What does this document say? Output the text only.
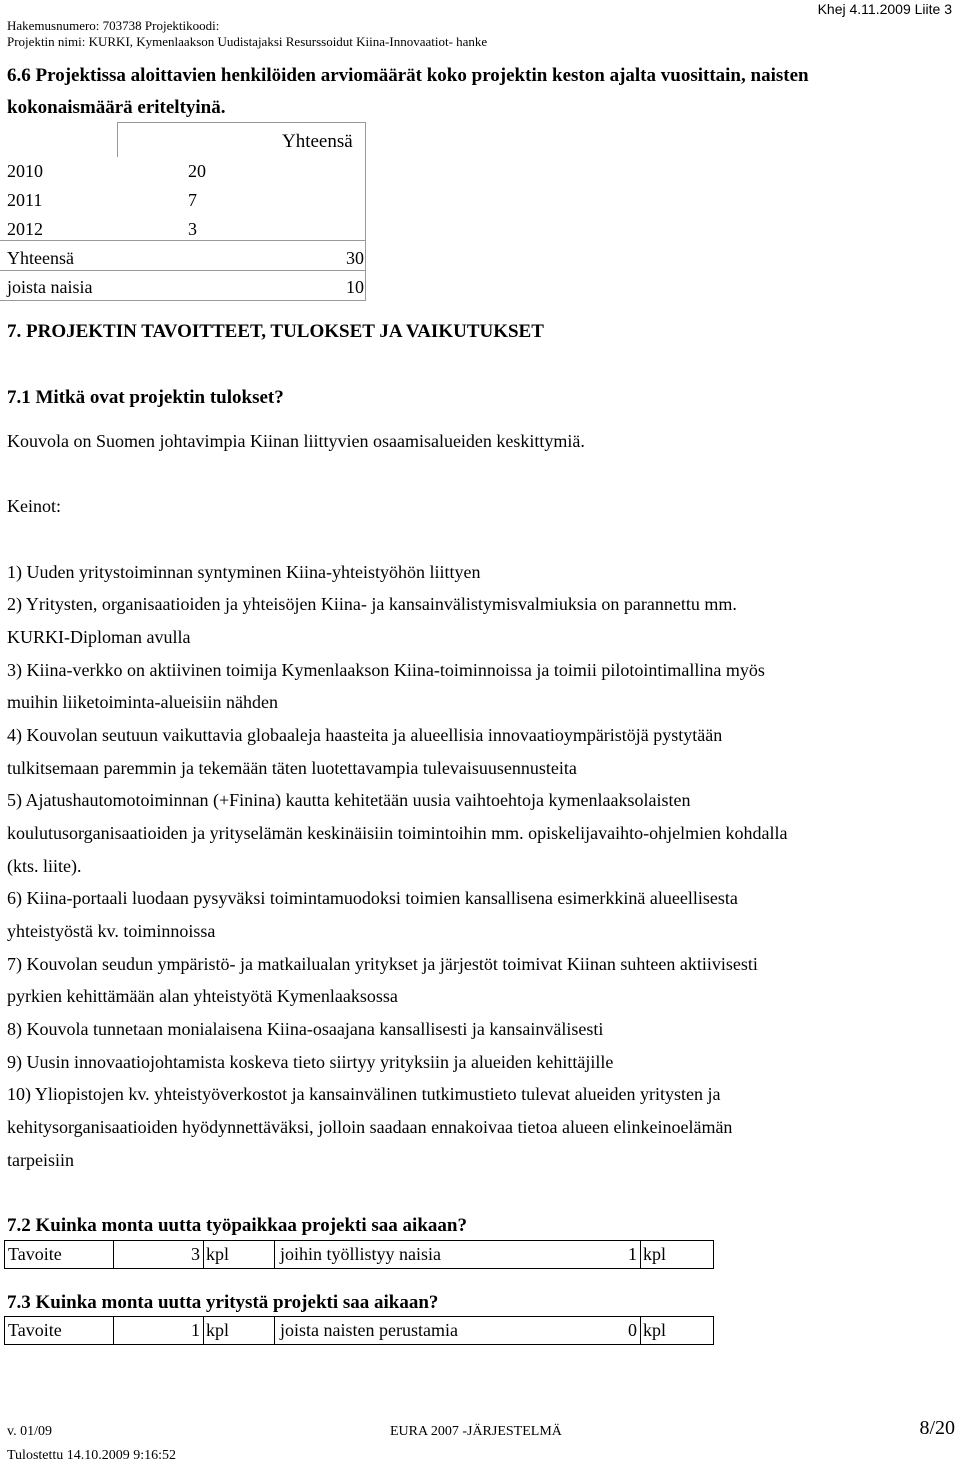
Hakemusnumero: 703738 Projektikoodi:
Projektin nimi: KURKI, Kymenlaakson Uudistajaksi Resurssoidut Kiina-Innovaatiot- hanke
Khej 4.11.2009 Liite 3
6.6 Projektissa aloittavien henkilöiden arviomäärät koko projektin keston ajalta vuosittain, naisten
kokonaismäärä eriteltyinä.
Yhteensä
2010	20
2011	7
2012	3
Yhteensä	30
joista naisia	10
7. PROJEKTIN TAVOITTEET, TULOKSET JA VAIKUTUKSET
7.1 Mitkä ovat projektin tulokset?
Kouvola on Suomen johtavimpia Kiinan liittyvien osaamisalueiden keskittymiä.
Keinot:
1) Uuden yritystoiminnan syntyminen Kiina-yhteistyöhön liittyen
2) Yritysten, organisaatioiden ja yhteisöjen Kiina- ja kansainvälistymisvalmiuksia on parannettu mm.
KURKI-Diploman avulla
3) Kiina-verkko on aktiivinen toimija Kymenlaakson Kiina-toiminnoissa ja toimii pilotointimallina myös
muihin liiketoiminta-alueisiin nähden
4) Kouvolan seutuun vaikuttavia globaaleja haasteita ja alueellisia innovaatioympäristöjä pystytään
tulkitsemaan paremmin ja tekemään täten luotettavampia tulevaisuusennusteita
5) Ajatushautomotoiminnan (+Finina) kautta kehitetään uusia vaihtoehtoja kymenlaaksolaisten
koulutusorganisaatioiden ja yrityselämän keskinäisiin toimintoihin mm. opiskelijavaihto-ohjelmien kohdalla
(kts. liite).
6) Kiina-portaali luodaan pysyväksi toimintamuodoksi toimien kansallisena esimerkkinä alueellisesta
yhteistyöstä kv. toiminnoissa
7) Kouvolan seudun ympäristö- ja matkailualan yritykset ja järjestöt toimivat Kiinan suhteen aktiivisesti
pyrkien kehittämään alan yhteistyötä Kymenlaaksossa
8) Kouvola tunnetaan monialaisena Kiina-osaajana kansallisesti ja kansainvälisesti
9) Uusin innovaatiojohtamista koskeva tieto siirtyy yrityksiin ja alueiden kehittäjille
10) Yliopistojen kv. yhteistyöverkostot ja kansainvälinen tutkimustieto tulevat alueiden yritysten ja
kehitysorganisaatioiden hyödynnettäväksi, jolloin saadaan ennakoivaa tietoa alueen elinkeinoelämän
tarpeisiin
7.2 Kuinka monta uutta työpaikkaa projekti saa aikaan?
Tavoite	3 kpl	joihin työllistyy naisia	1 kpl
7.3 Kuinka monta uutta yritystä projekti saa aikaan?
Tavoite	1 kpl	joista naisten perustamia	0 kpl
v. 01/09	EURA 2007 -JÄRJESTELMÄ	8/20
Tulostettu 14.10.2009 9:16:52
